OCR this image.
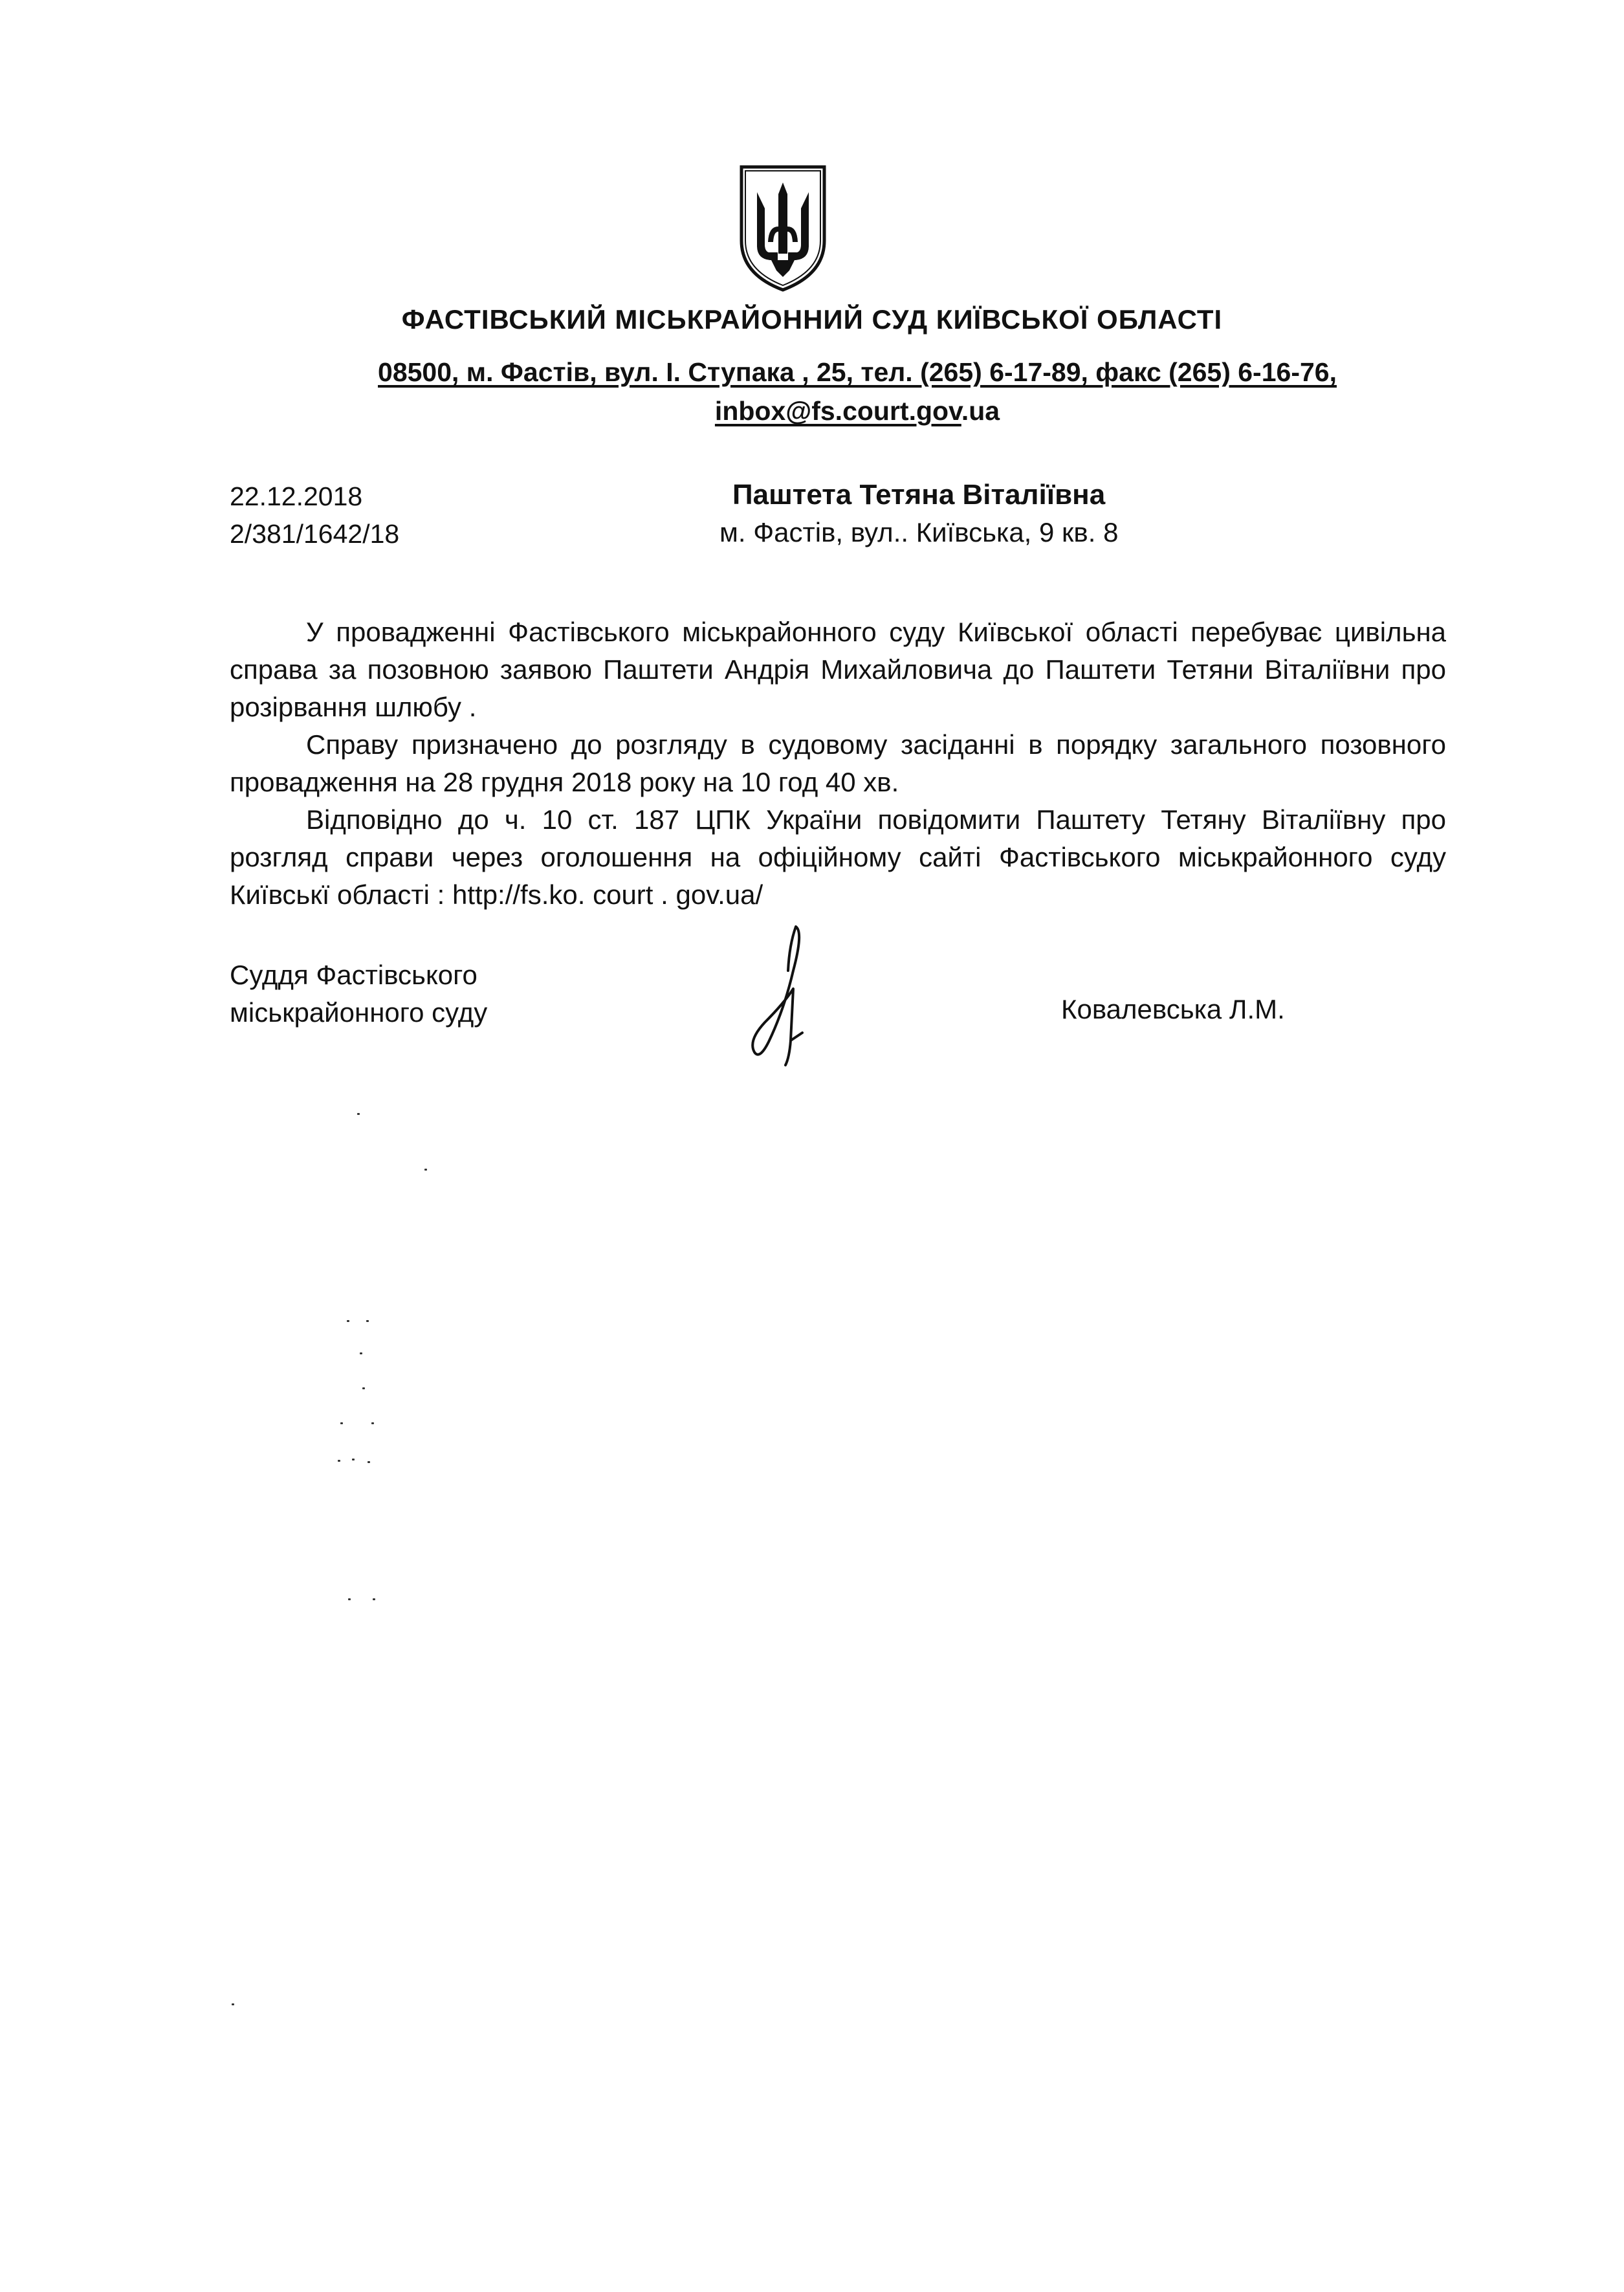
ФАСТІВСЬКИЙ МІСЬКРАЙОННИЙ СУД КИЇВСЬКОЇ ОБЛАСТІ
08500, м. Фастів, вул. І. Ступака , 25, тел. (265) 6-17-89, факс (265) 6-16-76,
inbox@fs.court.gov.ua
22.12.2018
2/381/1642/18
Паштета Тетяна Віталіївна
м. Фастів, вул.. Київська, 9 кв. 8

У провадженні Фастівського міськрайонного суду Київської області перебуває цивільна справа за позовною заявою Паштети Андрія Михайловича до Паштети Тетяни Віталіївни про розірвання шлюбу .

Справу призначено до розгляду в судовому засіданні в порядку загального позовного провадження на 28 грудня 2018 року на 10 год 40 хв.

Відповідно до ч. 10 ст. 187 ЦПК України повідомити Паштету Тетяну Віталіївну про розгляд справи через оголошення на офіційному сайті Фастівського міськрайонного суду Київськї області : http://fs.ko. court . gov.ua/

Суддя Фастівського
міськрайонного суду	Ковалевська Л.М.
